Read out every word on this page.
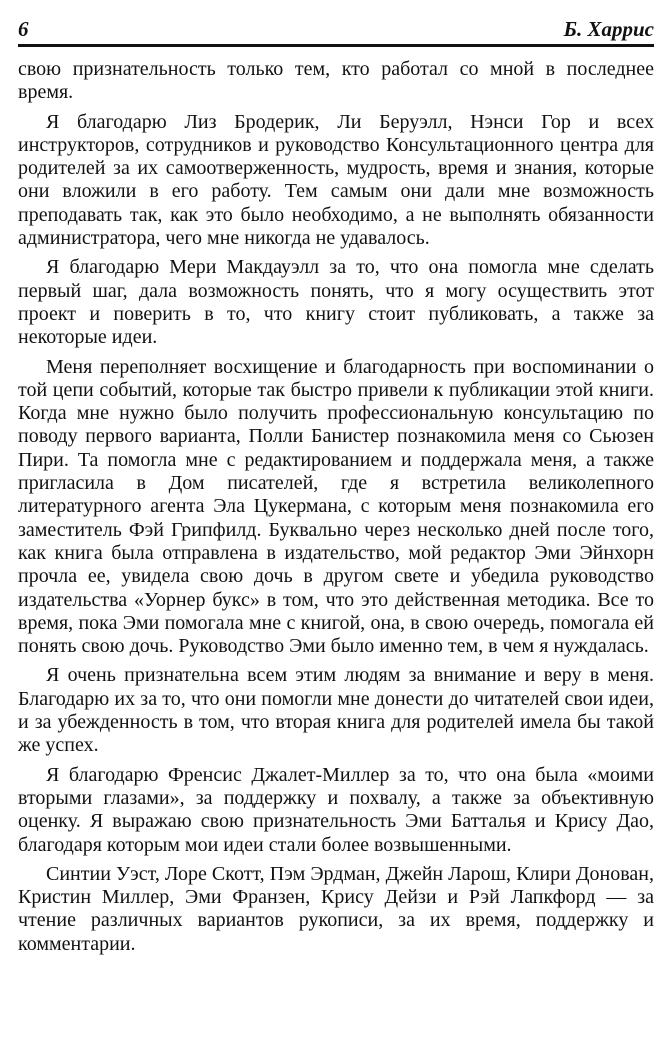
6	Б. Харрис

свою признательность только тем, кто работал со мной в последнее время.

Я благодарю Лиз Бродерик, Ли Беруэлл, Нэнси Гор и всех инструкторов, сотрудников и руководство Консультационного центра для родителей за их самоотверженность, мудрость, время и знания, которые они вложили в его работу. Тем самым они дали мне возможность преподавать так, как это было необходимо, а не выполнять обязанности администратора, чего мне никогда не удавалось.

Я благодарю Мери Макдауэлл за то, что она помогла мне сделать первый шаг, дала возможность понять, что я могу осуществить этот проект и поверить в то, что книгу стоит публиковать, а также за некоторые идеи.

Меня переполняет восхищение и благодарность при воспоминании о той цепи событий, которые так быстро привели к публикации этой книги. Когда мне нужно было получить профессиональную консультацию по поводу первого варианта, Полли Банистер познакомила меня со Сьюзен Пири. Та помогла мне с редактированием и поддержала меня, а также пригласила в Дом писателей, где я встретила великолепного литературного агента Эла Цукермана, с которым меня познакомила его заместитель Фэй Грипфилд. Буквально через несколько дней после того, как книга была отправлена в издательство, мой редактор Эми Эйнхорн прочла ее, увидела свою дочь в другом свете и убедила руководство издательства «Уорнер букс» в том, что это действенная методика. Все то время, пока Эми помогала мне с книгой, она, в свою очередь, помогала ей понять свою дочь. Руководство Эми было именно тем, в чем я нуждалась.

Я очень признательна всем этим людям за внимание и веру в меня. Благодарю их за то, что они помогли мне донести до читателей свои идеи, и за убежденность в том, что вторая книга для родителей имела бы такой же успех.

Я благодарю Френсис Джалет-Миллер за то, что она была «моими вторыми глазами», за поддержку и похвалу, а также за объективную оценку. Я выражаю свою признательность Эми Батталья и Крису Дао, благодаря которым мои идеи стали более возвышенными.

Синтии Уэст, Лоре Скотт, Пэм Эрдман, Джейн Ларош, Клири Донован, Кристин Миллер, Эми Франзен, Крису Дейзи и Рэй Лапкфорд — за чтение различных вариантов рукописи, за их время, поддержку и комментарии.
